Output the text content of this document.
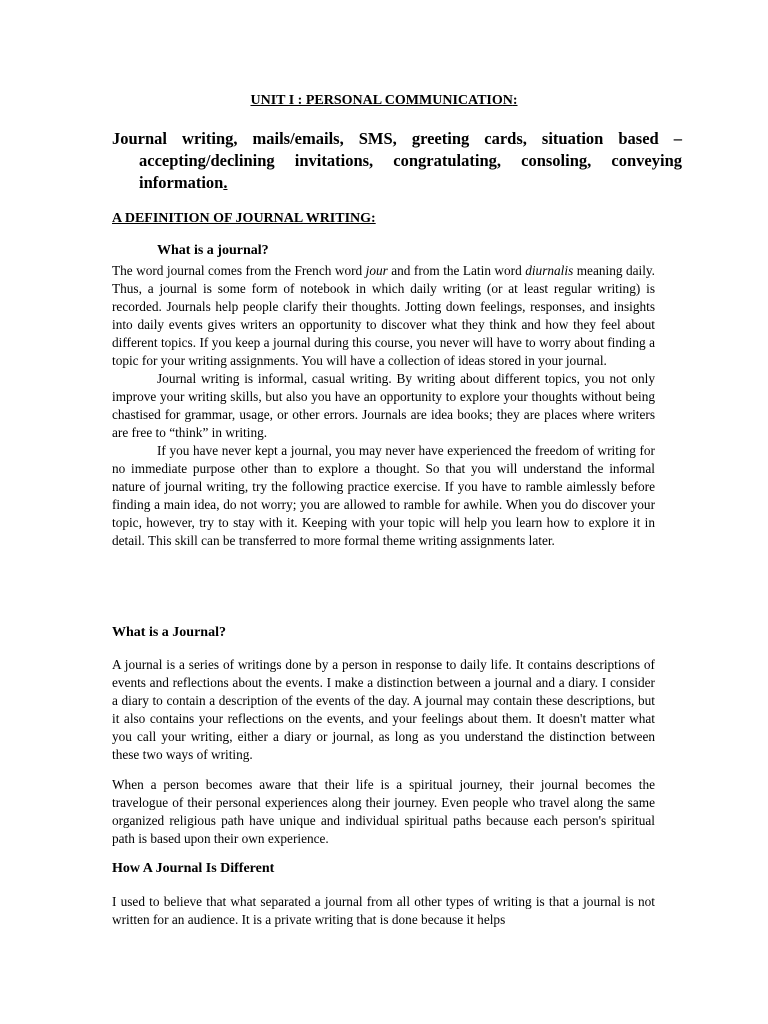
UNIT I : PERSONAL COMMUNICATION:
Journal writing, mails/emails, SMS, greeting cards, situation based – accepting/declining invitations, congratulating, consoling, conveying information.
A DEFINITION OF JOURNAL WRITING:
What is a journal?

The word journal comes from the French word jour and from the Latin word diurnalis meaning daily. Thus, a journal is some form of notebook in which daily writing (or at least regular writing) is recorded. Journals help people clarify their thoughts. Jotting down feelings, responses, and insights into daily events gives writers an opportunity to discover what they think and how they feel about different topics. If you keep a journal during this course, you never will have to worry about finding a topic for your writing assignments. You will have a collection of ideas stored in your journal.

Journal writing is informal, casual writing. By writing about different topics, you not only improve your writing skills, but also you have an opportunity to explore your thoughts without being chastised for grammar, usage, or other errors. Journals are idea books; they are places where writers are free to “think” in writing.

If you have never kept a journal, you may never have experienced the freedom of writing for no immediate purpose other than to explore a thought. So that you will understand the informal nature of journal writing, try the following practice exercise. If you have to ramble aimlessly before finding a main idea, do not worry; you are allowed to ramble for awhile. When you do discover your topic, however, try to stay with it. Keeping with your topic will help you learn how to explore it in detail. This skill can be transferred to more formal theme writing assignments later.

What is a Journal?
A journal is a series of writings done by a person in response to daily life. It contains descriptions of events and reflections about the events. I make a distinction between a journal and a diary. I consider a diary to contain a description of the events of the day. A journal may contain these descriptions, but it also contains your reflections on the events, and your feelings about them. It doesn't matter what you call your writing, either a diary or journal, as long as you understand the distinction between these two ways of writing.
When a person becomes aware that their life is a spiritual journey, their journal becomes the travelogue of their personal experiences along their journey. Even people who travel along the same organized religious path have unique and individual spiritual paths because each person's spiritual path is based upon their own experience.
How A Journal Is Different
I used to believe that what separated a journal from all other types of writing is that a journal is not written for an audience. It is a private writing that is done because it helps
